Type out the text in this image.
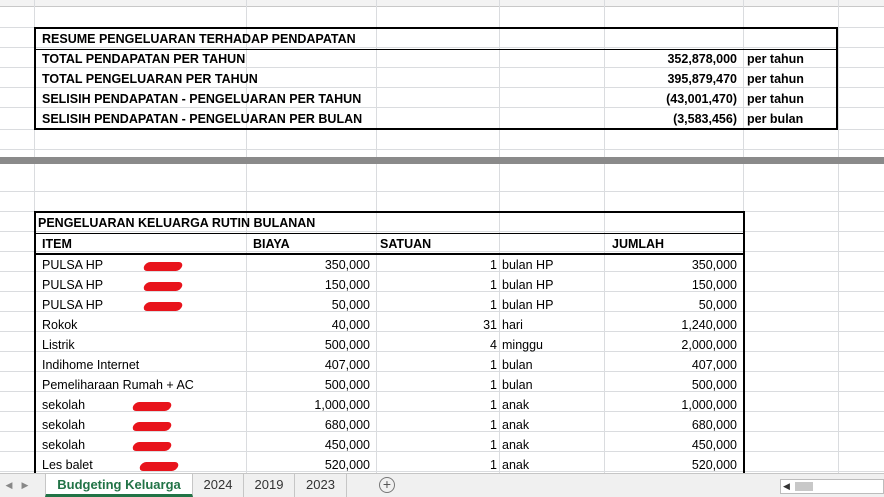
RESUME PENGELUARAN TERHADAP PENDAPATAN
TOTAL PENDAPATAN PER TAHUN	352,878,000 per tahun
TOTAL PENGELUARAN PER TAHUN	395,879,470 per tahun
SELISIH PENDAPATAN - PENGELUARAN PER TAHUN	(43,001,470) per tahun
SELISIH PENDAPATAN - PENGELUARAN PER BULAN	(3,583,456) per bulan
PENGELUARAN KELUARGA RUTIN BULANAN
ITEM	BIAYA	SATUAN	JUMLAH
PULSA HP	350,000	1 bulan HP	350,000
PULSA HP	150,000	1 bulan HP	150,000
PULSA HP	50,000	1 bulan HP	50,000
Rokok	40,000	31 hari	1,240,000
Listrik	500,000	4 minggu	2,000,000
Indihome Internet	407,000	1 bulan	407,000
Pemeliharaan Rumah + AC	500,000	1 bulan	500,000
sekolah	1,000,000	1 anak	1,000,000
sekolah	680,000	1 anak	680,000
sekolah	450,000	1 anak	450,000
Les balet	520,000	1 anak	520,000
◀ ▶	Budgeting Keluarga	2024	2019	2023	+	◀
